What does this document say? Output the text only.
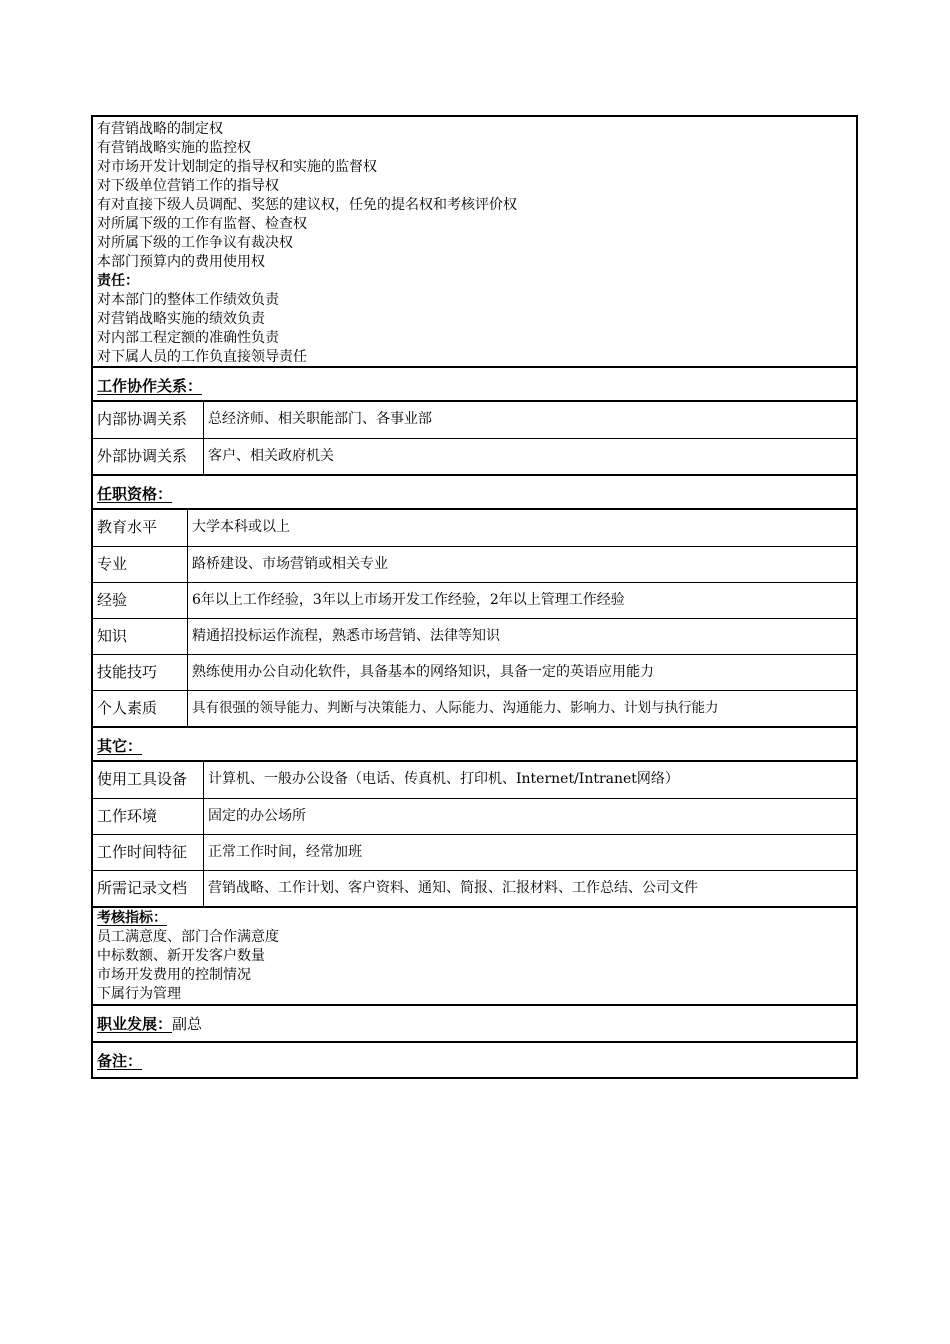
有营销战略的制定权
有营销战略实施的监控权
对市场开发计划制定的指导权和实施的监督权
对下级单位营销工作的指导权
有对直接下级人员调配、奖惩的建议权，任免的提名权和考核评价权
对所属下级的工作有监督、检查权
对所属下级的工作争议有裁决权
本部门预算内的费用使用权
责任：
对本部门的整体工作绩效负责
对营销战略实施的绩效负责
对内部工程定额的准确性负责
对下属人员的工作负直接领导责任
工作协作关系：
内部协调关系	总经济师、相关职能部门、各事业部
外部协调关系	客户、相关政府机关
任职资格：
教育水平	大学本科或以上
专业	路桥建设、市场营销或相关专业
经验	6年以上工作经验，3年以上市场开发工作经验，2年以上管理工作经验
知识	精通招投标运作流程，熟悉市场营销、法律等知识
技能技巧	熟练使用办公自动化软件，具备基本的网络知识，具备一定的英语应用能力
个人素质	具有很强的领导能力、判断与决策能力、人际能力、沟通能力、影响力、计划与执行能力
其它：
使用工具设备	计算机、一般办公设备（电话、传真机、打印机、Internet/Intranet网络）
工作环境	固定的办公场所
工作时间特征	正常工作时间，经常加班
所需记录文档	营销战略、工作计划、客户资料、通知、简报、汇报材料、工作总结、公司文件
考核指标：
员工满意度、部门合作满意度
中标数额、新开发客户数量
市场开发费用的控制情况
下属行为管理
职业发展：副总
备注：
